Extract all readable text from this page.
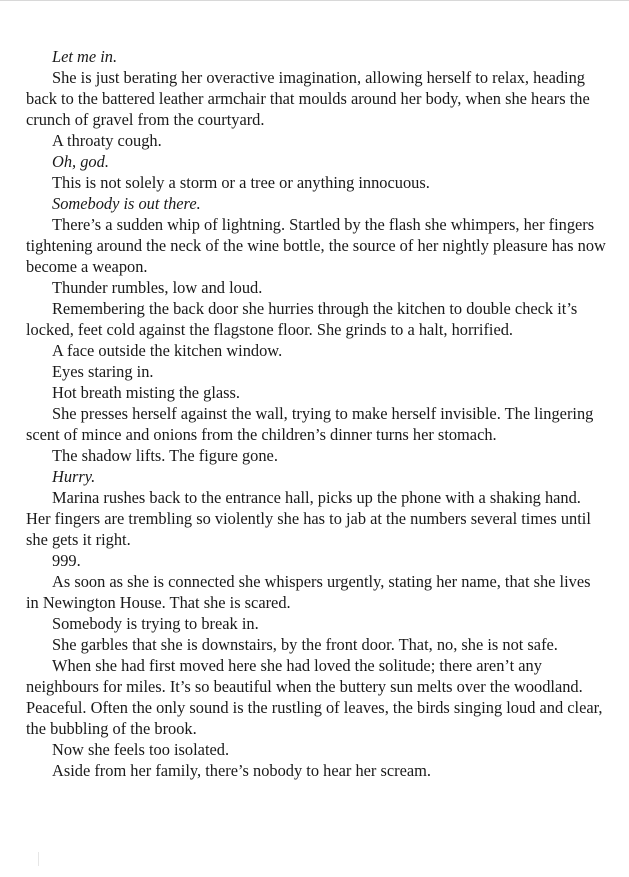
Let me in.

She is just berating her overactive imagination, allowing herself to relax, heading back to the battered leather armchair that moulds around her body, when she hears the crunch of gravel from the courtyard.

A throaty cough.

Oh, god.

This is not solely a storm or a tree or anything innocuous.

Somebody is out there.

There’s a sudden whip of lightning. Startled by the flash she whimpers, her fingers tightening around the neck of the wine bottle, the source of her nightly pleasure has now become a weapon.

Thunder rumbles, low and loud.

Remembering the back door she hurries through the kitchen to double check it’s locked, feet cold against the flagstone floor. She grinds to a halt, horrified.

A face outside the kitchen window.

Eyes staring in.

Hot breath misting the glass.

She presses herself against the wall, trying to make herself invisible. The lingering scent of mince and onions from the children’s dinner turns her stomach.

The shadow lifts. The figure gone.

Hurry.

Marina rushes back to the entrance hall, picks up the phone with a shaking hand. Her fingers are trembling so violently she has to jab at the numbers several times until she gets it right.

999.

As soon as she is connected she whispers urgently, stating her name, that she lives in Newington House. That she is scared.

Somebody is trying to break in.

She garbles that she is downstairs, by the front door. That, no, she is not safe.

When she had first moved here she had loved the solitude; there aren’t any neighbours for miles. It’s so beautiful when the buttery sun melts over the woodland. Peaceful. Often the only sound is the rustling of leaves, the birds singing loud and clear, the bubbling of the brook.

Now she feels too isolated.

Aside from her family, there’s nobody to hear her scream.
